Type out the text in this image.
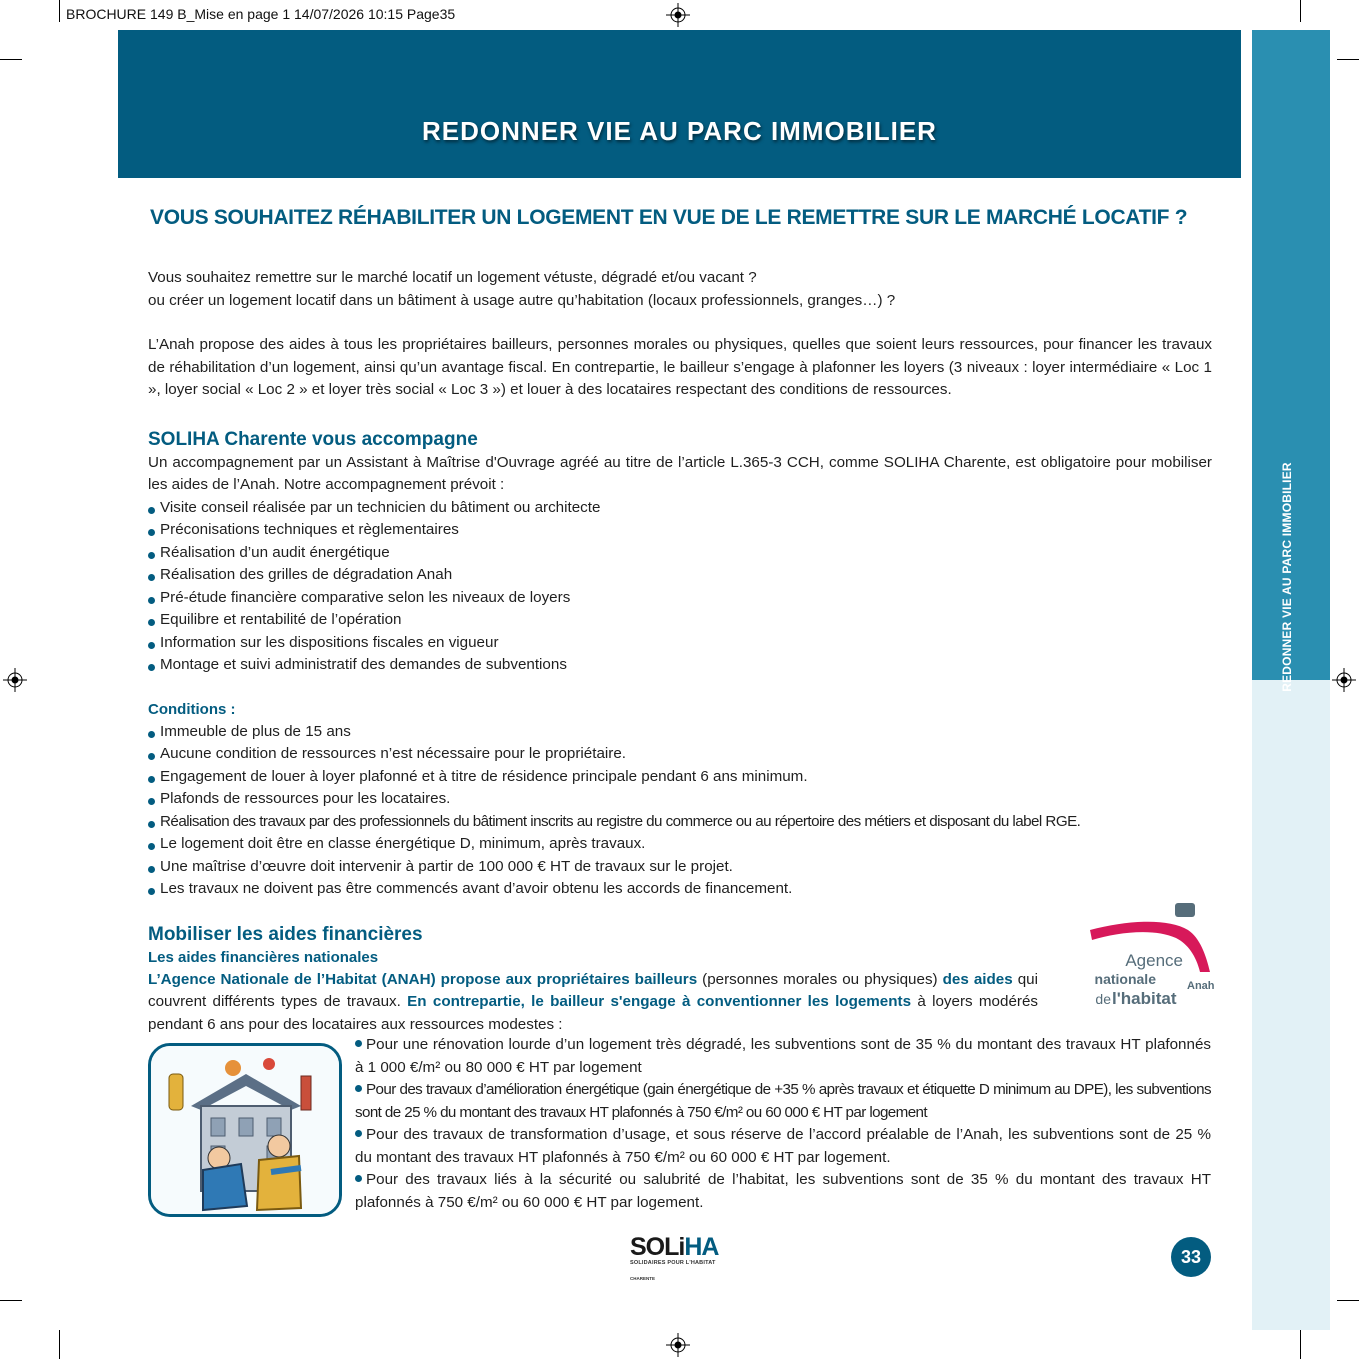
BROCHURE 149 B_Mise en page 1 14/07/2026 10:15 Page35
REDONNER VIE AU PARC IMMOBILIER
REDONNER VIE AU PARC IMMOBILIER
VOUS SOUHAITEZ RÉHABILITER UN LOGEMENT EN VUE DE LE REMETTRE SUR LE MARCHÉ LOCATIF ?

Vous souhaitez remettre sur le marché locatif un logement vétuste, dégradé et/ou vacant ?

ou créer un logement locatif dans un bâtiment à usage autre qu’habitation (locaux professionnels, granges…) ?

L’Anah propose des aides à tous les propriétaires bailleurs, personnes morales ou physiques, quelles que soient leurs ressources, pour financer les travaux de réhabilitation d’un logement, ainsi qu’un avantage fiscal. En contrepartie, le bailleur s’engage à plafonner les loyers (3 niveaux : loyer intermédiaire « Loc 1 », loyer social « Loc 2 » et loyer très social « Loc 3 ») et louer à des locataires respectant des conditions de ressources.

SOLIHA Charente vous accompagne

Un accompagnement par un Assistant à Maîtrise d'Ouvrage agréé au titre de l’article L.365-3 CCH, comme SOLIHA Charente, est obligatoire pour mobiliser les aides de l’Anah. Notre accompagnement prévoit :

Visite conseil réalisée par un technicien du bâtiment ou architecte
Préconisations techniques et règlementaires
Réalisation d’un audit énergétique
Réalisation des grilles de dégradation Anah
Pré-étude financière comparative selon les niveaux de loyers
Equilibre et rentabilité de l’opération
Information sur les dispositions fiscales en vigueur
Montage et suivi administratif des demandes de subventions
Conditions :
Immeuble de plus de 15 ans
Aucune condition de ressources n’est nécessaire pour le propriétaire.
Engagement de louer à loyer plafonné et à titre de résidence principale pendant 6 ans minimum.
Plafonds de ressources pour les locataires.
Réalisation des travaux par des professionnels du bâtiment inscrits au registre du commerce ou au répertoire des métiers et disposant du label RGE.
Le logement doit être en classe énergétique D, minimum, après travaux.
Une maîtrise d’œuvre doit intervenir à partir de 100 000 € HT de travaux sur le projet.
Les travaux ne doivent pas être commencés avant d’avoir obtenu les accords de financement.
Mobiliser les aides financières
Les aides financières nationales

L’Agence Nationale de l’Habitat (ANAH) propose aux propriétaires bailleurs (personnes morales ou physiques) des aides qui couvrent différents types de travaux. En contrepartie, le bailleur s'engage à conventionner les logements à loyers modérés pendant 6 ans pour des locataires aux ressources modestes :

Agence
nationale
de l'habitat
Anah

Pour une rénovation lourde d’un logement très dégradé, les subventions sont de 35 % du montant des travaux HT plafonnés à 1 000 €/m² ou 80 000 € HT par logement

Pour des travaux d’amélioration énergétique (gain énergétique de +35 % après travaux et étiquette D minimum au DPE), les subventions sont de 25 % du montant des travaux HT plafonnés à 750 €/m² ou 60 000 € HT par logement

Pour des travaux de transformation d’usage, et sous réserve de l’accord préalable de l’Anah, les subventions sont de 25 % du montant des travaux HT plafonnés à 750 €/m² ou 60 000 € HT par logement.

Pour des travaux liés à la sécurité ou salubrité de l’habitat, les subventions sont de 35 % du montant des travaux HT plafonnés à 750 €/m² ou 60 000 € HT par logement.

SOLiHA
SOLIDAIRES POUR L'HABITAT
CHARENTE
33
